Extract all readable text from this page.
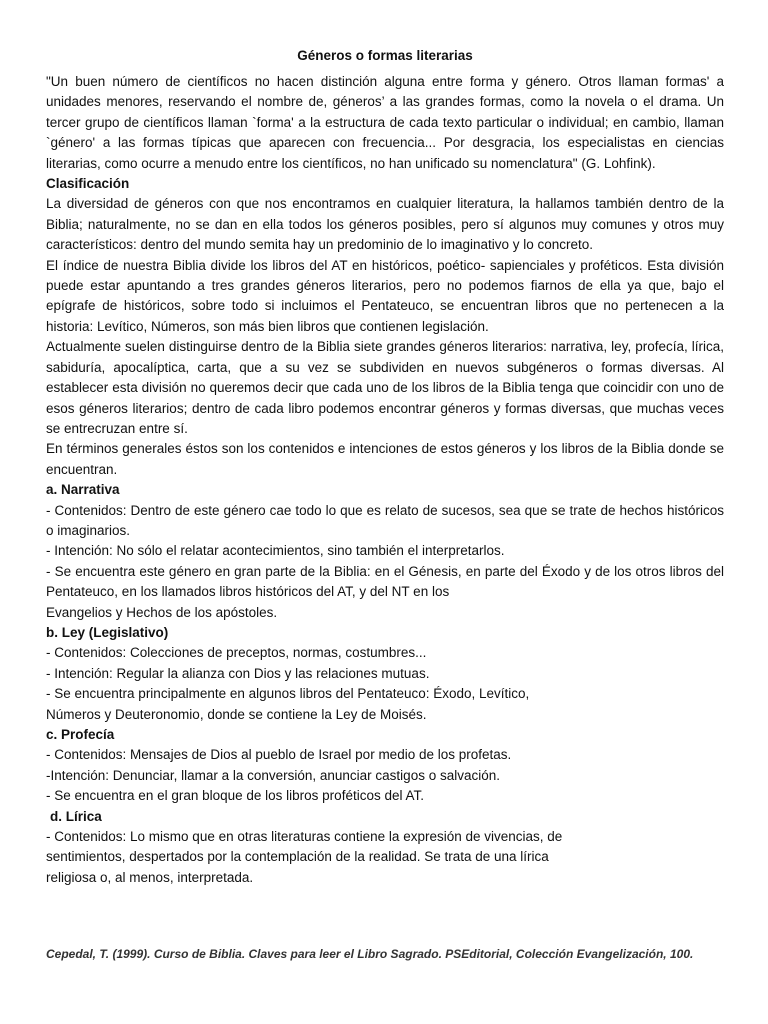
Géneros o formas literarias

"Un buen número de científicos no hacen distinción alguna entre forma y género. Otros llaman formas' a unidades menores, reservando el nombre de, géneros’ a las grandes formas, como la novela o el drama. Un tercer grupo de científicos llaman `forma' a la estructura de cada texto particular o individual; en cambio, llaman `género' a las formas típicas que aparecen con frecuencia... Por desgracia, los especialistas en ciencias literarias, como ocurre a menudo entre los científicos, no han unificado su nomenclatura" (G. Lohfink).

Clasificación

La diversidad de géneros con que nos encontramos en cualquier literatura, la hallamos también dentro de la Biblia; naturalmente, no se dan en ella todos los géneros posibles, pero sí algunos muy comunes y otros muy característicos: dentro del mundo semita hay un predominio de lo imaginativo y lo concreto.

El índice de nuestra Biblia divide los libros del AT en históricos, poético- sapienciales y proféticos. Esta división puede estar apuntando a tres grandes géneros literarios, pero no podemos fiarnos de ella ya que, bajo el epígrafe de históricos, sobre todo si incluimos el Pentateuco, se encuentran libros que no pertenecen a la historia: Levítico, Números, son más bien libros que contienen legislación.

Actualmente suelen distinguirse dentro de la Biblia siete grandes géneros literarios: narrativa, ley, profecía, lírica, sabiduría, apocalíptica, carta, que a su vez se subdividen en nuevos subgéneros o formas diversas. Al establecer esta división no queremos decir que cada uno de los libros de la Biblia tenga que coincidir con uno de esos géneros literarios; dentro de cada libro podemos encontrar géneros y formas diversas, que muchas veces se entrecruzan entre sí.

En términos generales éstos son los contenidos e intenciones de estos géneros y los libros de la Biblia donde se encuentran.

a. Narrativa

- Contenidos: Dentro de este género cae todo lo que es relato de sucesos, sea que se trate de hechos históricos o imaginarios.

- Intención: No sólo el relatar acontecimientos, sino también el interpretarlos.

- Se encuentra este género en gran parte de la Biblia: en el Génesis, en parte del Éxodo y de los otros libros del Pentateuco, en los llamados libros históricos del AT, y del NT en los

Evangelios y Hechos de los apóstoles.

b. Ley (Legislativo)

- Contenidos: Colecciones de preceptos, normas, costumbres...

- Intención: Regular la alianza con Dios y las relaciones mutuas.

- Se encuentra principalmente en algunos libros del Pentateuco: Éxodo, Levítico,

Números y Deuteronomio, donde se contiene la Ley de Moisés.

c. Profecía

- Contenidos: Mensajes de Dios al pueblo de Israel por medio de los profetas.

-Intención: Denunciar, llamar a la conversión, anunciar castigos o salvación.

- Se encuentra en el gran bloque de los libros proféticos del AT.

d. Lírica

- Contenidos: Lo mismo que en otras literaturas contiene la expresión de vivencias, de

sentimientos, despertados por la contemplación de la realidad. Se trata de una lírica

religiosa o, al menos, interpretada.

Cepedal, T. (1999). Curso de Biblia. Claves para leer el Libro Sagrado. PSEditorial, Colección Evangelización, 100.
